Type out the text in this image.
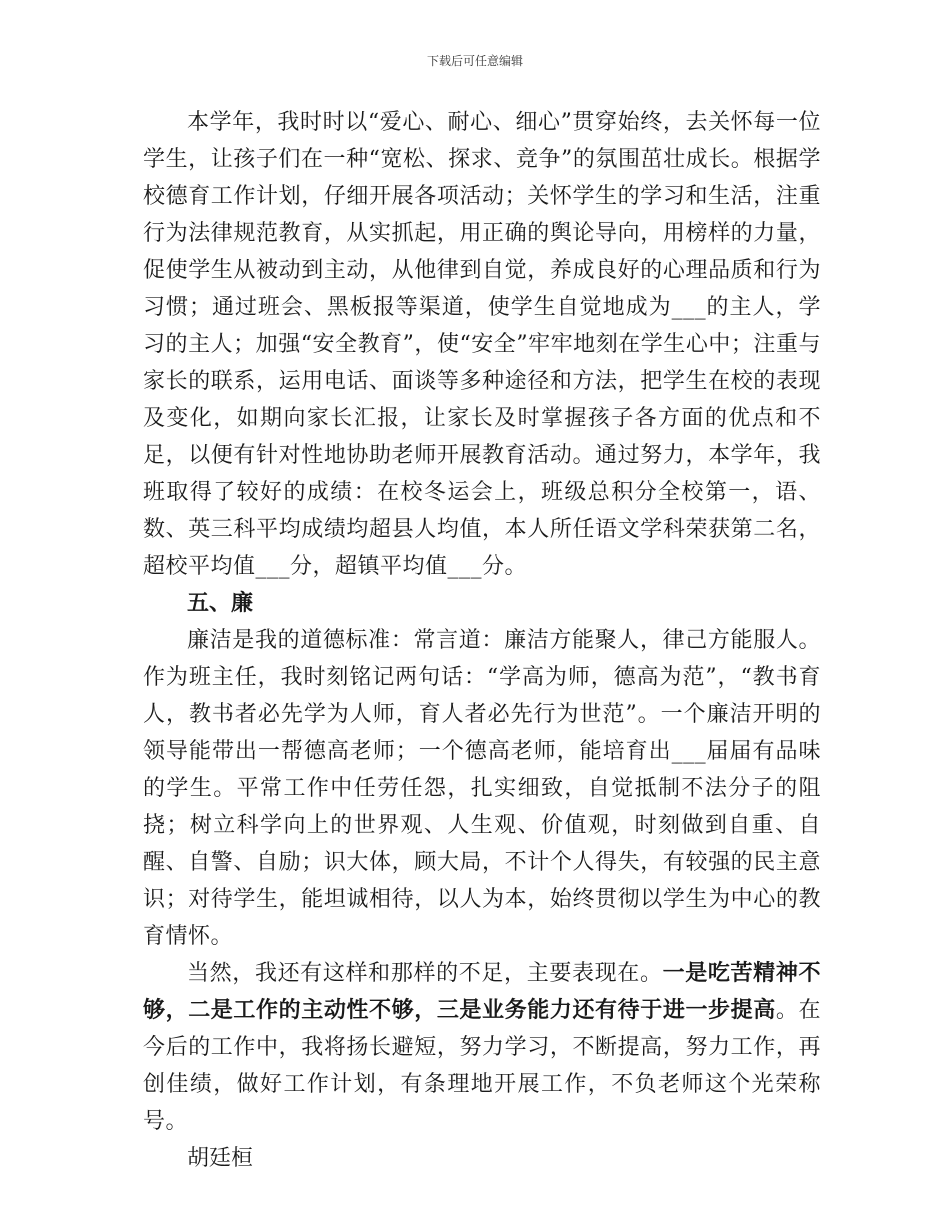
下载后可任意编辑

本学年，我时时以“爱心、耐心、细心”贯穿始终，去关怀每一位学生，让孩子们在一种“宽松、探求、竞争”的氛围茁壮成长。根据学校德育工作计划，仔细开展各项活动；关怀学生的学习和生活，注重行为法律规范教育，从实抓起，用正确的舆论导向，用榜样的力量，促使学生从被动到主动，从他律到自觉，养成良好的心理品质和行为习惯；通过班会、黑板报等渠道，使学生自觉地成为___的主人，学习的主人；加强“安全教育”，使“安全”牢牢地刻在学生心中；注重与家长的联系，运用电话、面谈等多种途径和方法，把学生在校的表现及变化，如期向家长汇报，让家长及时掌握孩子各方面的优点和不足，以便有针对性地协助老师开展教育活动。通过努力，本学年，我班取得了较好的成绩：在校冬运会上，班级总积分全校第一，语、数、英三科平均成绩均超县人均值，本人所任语文学科荣获第二名，超校平均值___分，超镇平均值___分。

五、廉

廉洁是我的道德标准：常言道：廉洁方能聚人，律己方能服人。作为班主任，我时刻铭记两句话：“学高为师，德高为范”，“教书育人，教书者必先学为人师，育人者必先行为世范”。一个廉洁开明的领导能带出一帮德高老师；一个德高老师，能培育出___届届有品味的学生。平常工作中任劳任怨，扎实细致，自觉抵制不法分子的阻挠；树立科学向上的世界观、人生观、价值观，时刻做到自重、自醒、自警、自励；识大体，顾大局，不计个人得失，有较强的民主意识；对待学生，能坦诚相待，以人为本，始终贯彻以学生为中心的教育情怀。

当然，我还有这样和那样的不足，主要表现在。一是吃苦精神不够，二是工作的主动性不够，三是业务能力还有待于进一步提高。在今后的工作中，我将扬长避短，努力学习，不断提高，努力工作，再创佳绩，做好工作计划，有条理地开展工作，不负老师这个光荣称号。

胡廷桓
